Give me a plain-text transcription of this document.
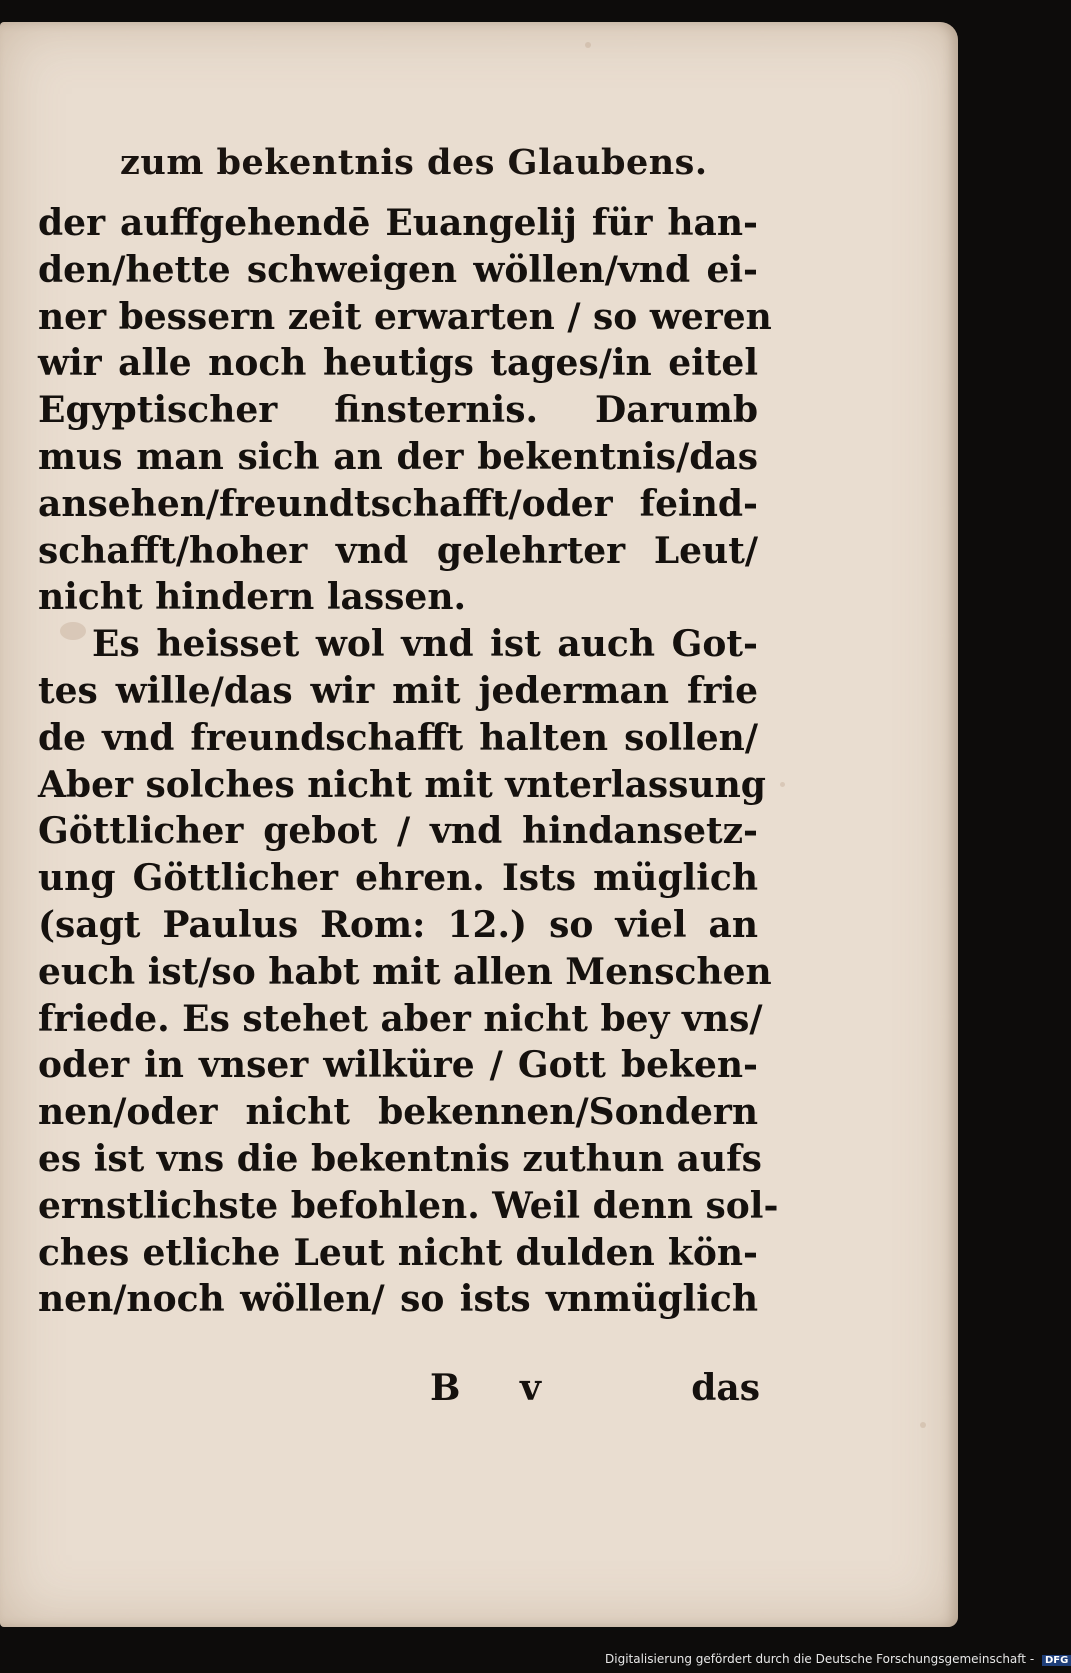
zum bekentnis des Glaubens.
der auffgehendē Euangelij für han-
den/hette schweigen wöllen/vnd ei-
ner bessern zeit erwarten / so weren
wir alle noch heutigs tages/in eitel
Egyptischer finsternis. Darumb
mus man sich an der bekentnis/das
ansehen/freundtschafft/oder feind-
schafft/hoher vnd gelehrter Leut/
nicht hindern lassen.
Es heisset wol vnd ist auch Got-
tes wille/das wir mit jederman frie
de vnd freundschafft halten sollen/
Aber solches nicht mit vnterlassung
Göttlicher gebot / vnd hindansetz-
ung Göttlicher ehren. Ists müglich
(sagt Paulus Rom: 12.) so viel an
euch ist/so habt mit allen Menschen
friede. Es stehet aber nicht bey vns/
oder in vnser wilküre / Gott beken-
nen/oder nicht bekennen/Sondern
es ist vns die bekentnis zuthun aufs
ernstlichste befohlen. Weil denn sol-
ches etliche Leut nicht dulden kön-
nen/noch wöllen/ so ists vnmüglich
B v	das
Digitalisierung gefördert durch die Deutsche Forschungsgemeinschaft - DFG
